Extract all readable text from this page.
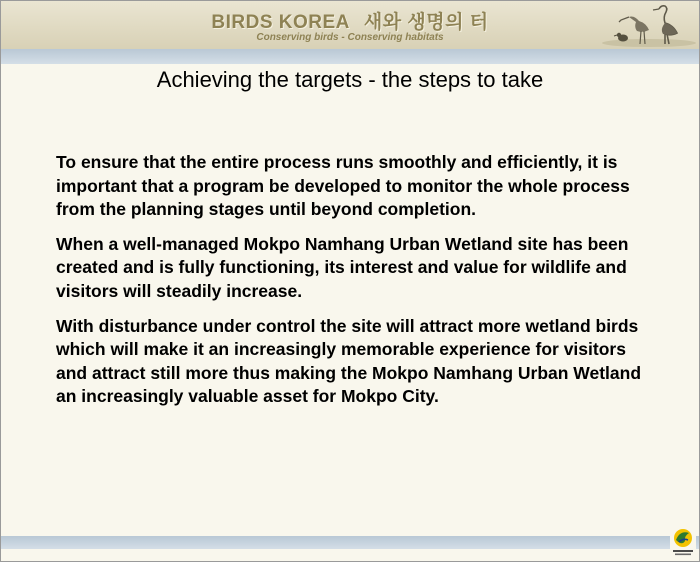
BIRDS KOREA 새와 생명의 터
Conserving birds - Conserving habitats
Achieving the targets - the steps to take

To ensure that the entire process runs smoothly and efficiently, it is important that a program be developed to monitor the whole process from the planning stages until beyond completion.

When a well-managed Mokpo Namhang Urban Wetland site has been created and is fully functioning, its interest and value for wildlife and visitors will steadily increase.

With disturbance under control the site will attract more wetland birds which will make it an increasingly memorable experience for visitors and attract still more thus making the Mokpo Namhang Urban Wetland an increasingly valuable asset for Mokpo City.
